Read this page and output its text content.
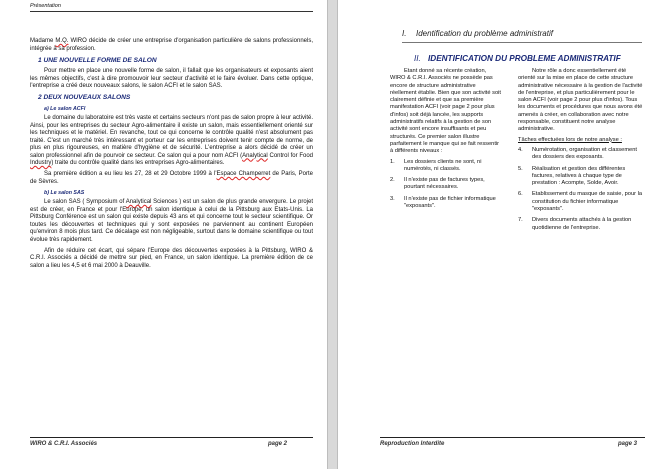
Présentation

Madame M.Q. WIRO décide de créer une entreprise d'organisation particulière de salons professionnels, intégrée à sa profession.

1 UNE NOUVELLE FORME DE SALON

Pour mettre en place une nouvelle forme de salon, il fallait que les organisateurs et exposants aient les mêmes objectifs, c'est à dire promouvoir leur secteur d'activité et le faire évoluer. Dans cette optique, l'entreprise a créé deux nouveaux salons, le salon ACFI et le salon SAS.

2 DEUX NOUVEAUX SALONS
a) Le salon ACFI

Le domaine du laboratoire est très vaste et certains secteurs n'ont pas de salon propre à leur activité. Ainsi, pour les entreprises du secteur Agro-alimentaire il existe un salon, mais essentiellement orienté sur les techniques et le matériel. En revanche, tout ce qui concerne le contrôle qualité n'est absolument pas traité. C'est un marché très intéressant et porteur car les entreprises doivent tenir compte de norme, de plus en plus rigoureuses, en matière d'hygiène et de sécurité. L'entreprise a alors décidé de créer un salon professionnel afin de pourvoir ce secteur. Ce salon qui a pour nom ACFI (Analytical Control for Food Industry) traite du contrôle qualité dans les entreprises Agro-alimentaires.

Sa première édition a eu lieu les 27, 28 et 29 Octobre 1999 à l'Espace Champerret de Paris, Porte de Sèvres.

b) Le salon SAS

Le salon SAS ( Symposium of Analytical Sciences ) est un salon de plus grande envergure. Le projet est de créer, en France et pour l'Europe, un salon identique à celui de la Pittsburg aux Etats-Unis. La Pittsburg Conférence est un salon qui existe depuis 43 ans et qui concerne tout le secteur scientifique. Or toutes les découvertes et techniques qui y sont exposées ne parviennent au continent Européen qu'environ 8 mois plus tard. Ce décalage est non négligeable, surtout dans le domaine scientifique ou tout évolue très rapidement.

Afin de réduire cet écart, qui sépare l'Europe des découvertes exposées à la Pittsburg, WIRO & C.R.I. Associés a décidé de mettre sur pied, en France, un salon identique. La première édition de ce salon a lieu les 4,5 et 6 mai 2000 à Deauville.

WIRO & C.R.I. Associés	page 2
I. Identification du problème administratif
II. IDENTIFICATION DU PROBLEME ADMINISTRATIF

Etant donné sa récente création, WIRO & C.R.I. Associés ne possède pas encore de structure administrative réellement établie. Bien que son activité soit clairement définie et que sa première manifestation ACFI (voir page 2 pour plus d'infos) soit déjà lancée, les supports administratifs relatifs à la gestion de son activité sont encore insuffisants et peu structurés. Ce premier salon illustre parfaitement le manque qui se fait ressentir à différents niveaux :

1. Les dossiers clients ne sont, ni numérotés, ni classés.
2. Il n'existe pas de factures types, pourtant nécessaires.
3. Il n'existe pas de fichier informatique "exposants".

Notre rôle a donc essentiellement été orienté sur la mise en place de cette structure administrative nécessaire à la gestion de l'activité de l'entreprise, et plus particulièrement pour le salon ACFI (voir page 2 pour plus d'infos). Tous les documents et procédures que nous avons été amenés à créer, en collaboration avec notre responsable, constituent notre analyse administrative.

Tâches effectuées lors de notre analyse :

4. Numérotation, organisation et classement des dossiers des exposants.
5. Réalisation et gestion des différentes factures, relatives à chaque type de prestation : Acompte, Solde, Avoir.
6. Etablissement du masque de saisie, pour la constitution du fichier informatique "exposants".
7. Divers documents attachés à la gestion quotidienne de l'entreprise.
Reproduction Interdite	page 3
